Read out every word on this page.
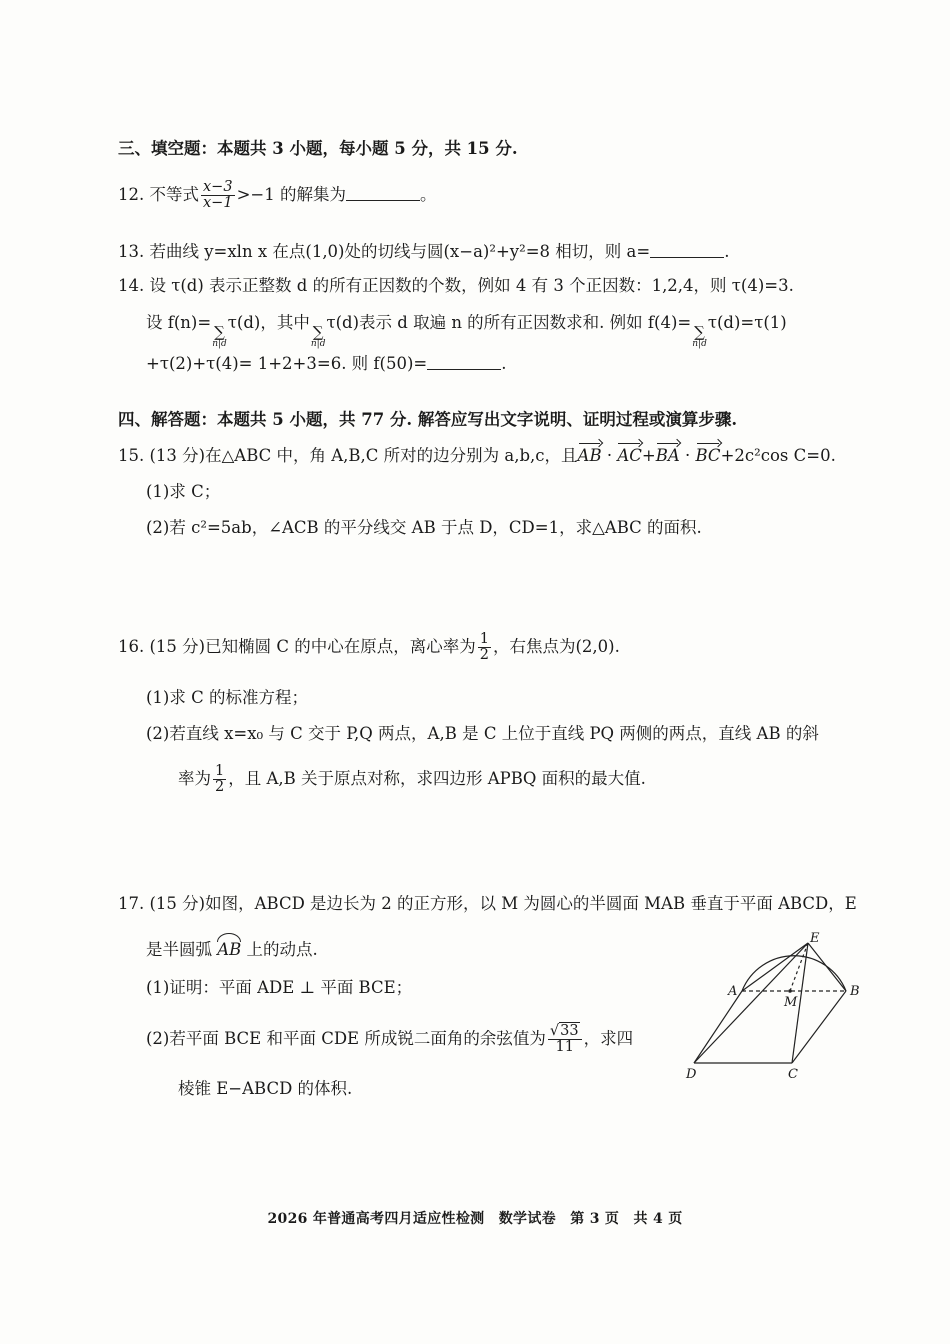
三、填空题：本题共 3 小题，每小题 5 分，共 15 分.
12. 不等式 $\frac{x-3}{x-1} >-1$ 的解集为	。
13. 若曲线 y=xln x 在点(1,0)处的切线与圆(x−a)²+y²=8 相切，则 a=	.
14. 设 τ(d) 表示正整数 d 的所有正因数的个数，例如 4 有 3 个正因数：1,2,4，则 τ(4)=3.
设 f(n)= ∑
n|d
τ(d)，其中 ∑
n|d
τ(d)表示 d 取遍 n 的所有正因数求和. 例如 f(4)= ∑
n|d
τ(d)=τ(1)
+τ(2)+τ(4)= 1+2+3=6. 则 f(50)=	.
四、解答题：本题共 5 小题，共 77 分. 解答应写出文字说明、证明过程或演算步骤.
15. (13 分)在△ABC 中，角 A,B,C 所对的边分别为 a,b,c，且AB · AC+BA · BC+2c²cos C=0.
(1)求 C；
(2)若 c²=5ab，∠ACB 的平分线交 AB 于点 D，CD=1，求△ABC 的面积.
16. (15 分)已知椭圆 C 的中心在原点，离心率为 $\frac{1}{2}$ ，右焦点为(2,0).
(1)求 C 的标准方程；
(2)若直线 x=x₀ 与 C 交于 P,Q 两点，A,B 是 C 上位于直线 PQ 两侧的两点，直线 AB 的斜
率为 $\frac{1}{2}$ ，且 A,B 关于原点对称，求四边形 APBQ 面积的最大值.
17. (15 分)如图，ABCD 是边长为 2 的正方形，以 M 为圆心的半圆面 MAB 垂直于平面 ABCD，E
是半圆弧 AB 上的动点.
(1)证明：平面 ADE ⊥ 平面 BCE；
(2)若平面 BCE 和平面 CDE 所成锐二面角的余弦值为 $\frac{√33}{11}$ ，求四
棱锥 E−ABCD 的体积.
E
A
M
B
D	C
2026 年普通高考四月适应性检测　数学试卷　第 3 页　共 4 页
